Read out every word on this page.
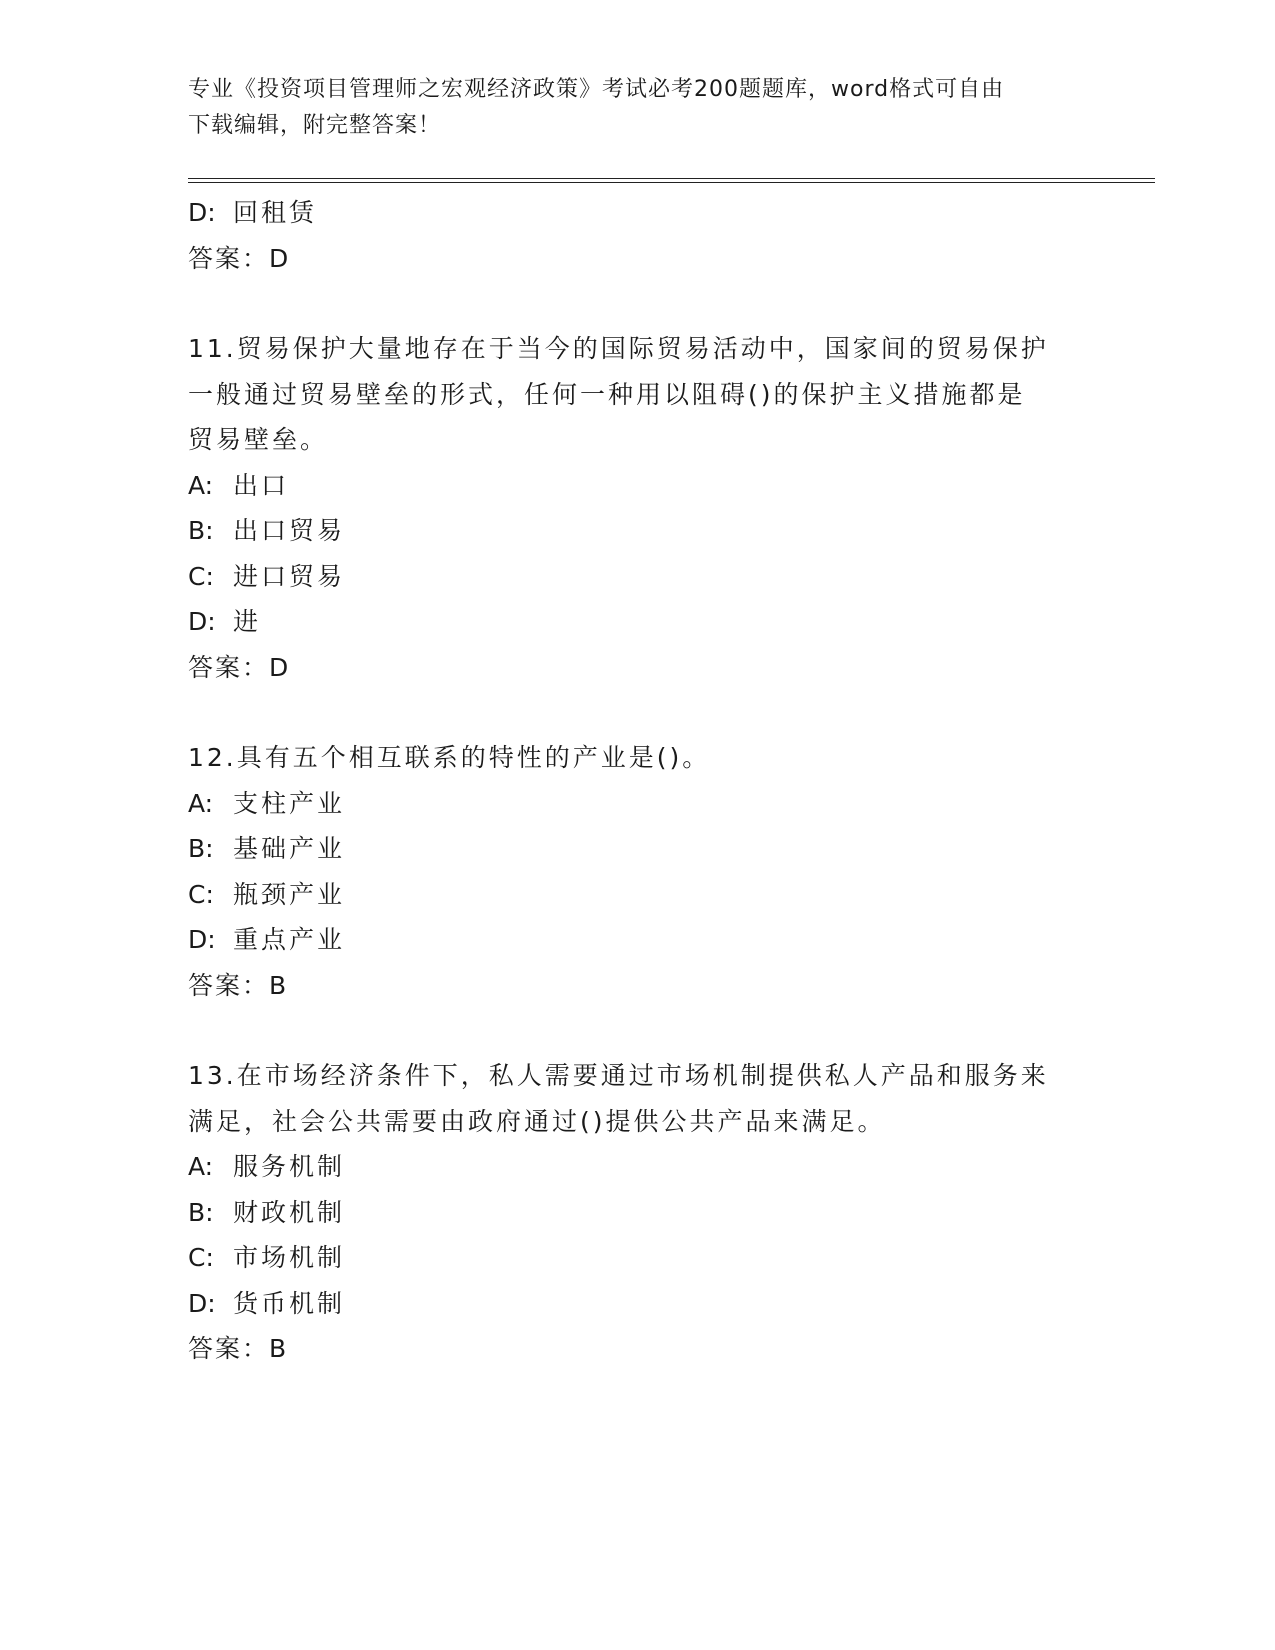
专业《投资项目管理师之宏观经济政策》考试必考200题题库，word格式可自由
下载编辑，附完整答案！
D: 回租赁
答案：D
11.贸易保护大量地存在于当今的国际贸易活动中，国家间的贸易保护
一般通过贸易壁垒的形式，任何一种用以阻碍()的保护主义措施都是
贸易壁垒。
A: 出口
B: 出口贸易
C: 进口贸易
D: 进
答案：D
12.具有五个相互联系的特性的产业是()。
A: 支柱产业
B: 基础产业
C: 瓶颈产业
D: 重点产业
答案：B
13.在市场经济条件下，私人需要通过市场机制提供私人产品和服务来
满足，社会公共需要由政府通过()提供公共产品来满足。
A: 服务机制
B: 财政机制
C: 市场机制
D: 货币机制
答案：B
